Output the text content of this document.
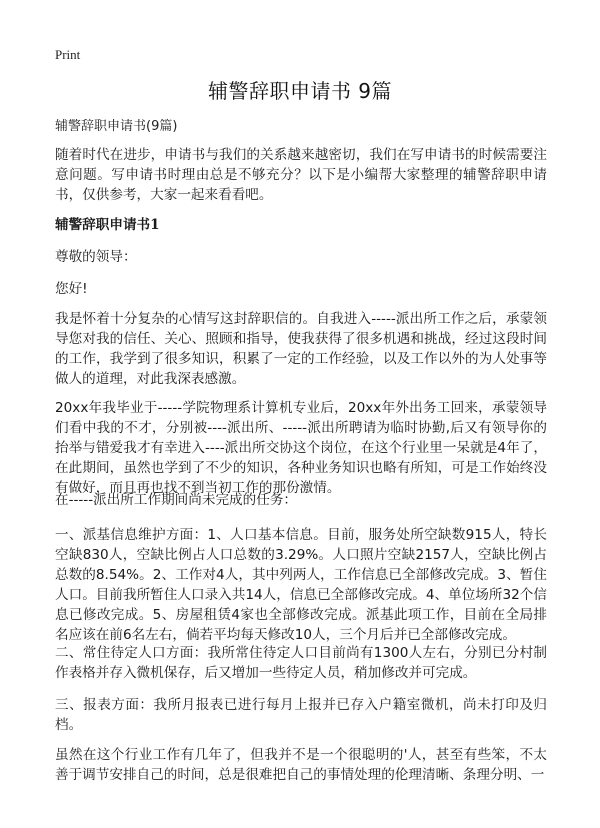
Print
辅警辞职申请书 9篇
辅警辞职申请书(9篇)

随着时代在进步，申请书与我们的关系越来越密切，我们在写申请书的时候需要注意问题。写申请书时理由总是不够充分？以下是小编帮大家整理的辅警辞职申请书，仅供参考，大家一起来看看吧。

辅警辞职申请书1
尊敬的领导：
您好!

我是怀着十分复杂的心情写这封辞职信的。自我进入-----派出所工作之后，承蒙领导您对我的信任、关心、照顾和指导，使我获得了很多机遇和挑战，经过这段时间的工作，我学到了很多知识，积累了一定的工作经验，以及工作以外的为人处事等做人的道理，对此我深表感激。

20xx年我毕业于-----学院物理系计算机专业后，20xx年外出务工回来，承蒙领导们看中我的不才，分别被----派出所、-----派出所聘请为临时协勤,后又有领导你的抬举与错爱我才有幸进入----派出所交协这个岗位，在这个行业里一呆就是4年了，在此期间，虽然也学到了不少的知识，各种业务知识也略有所知，可是工作始终没有做好，而且再也找不到当初工作的那份激情。

在-----派出所工作期间尚未完成的任务：

一、派基信息维护方面：1、人口基本信息。目前，服务处所空缺数915人，特长空缺830人，空缺比例占人口总数的3.29%。人口照片空缺2157人，空缺比例占总数的8.54%。2、工作对4人，其中列两人，工作信息已全部修改完成。3、暂住人口。目前我所暂住人口录入共14人，信息已全部修改完成。4、单位场所32个信息已修改完成。5、房屋租赁4家也全部修改完成。派基此项工作，目前在全局排名应该在前6名左右，倘若平均每天修改10人，三个月后并已全部修改完成。

二、常住待定人口方面：我所常住待定人口目前尚有1300人左右，分别已分村制作表格并存入微机保存，后又增加一些待定人员，稍加修改并可完成。

三、报表方面：我所月报表已进行每月上报并已存入户籍室微机，尚未打印及归档。

虽然在这个行业工作有几年了，但我并不是一个很聪明的'人，甚至有些笨，不太善于调节安排自己的时间，总是很难把自己的事情处理的伦理清晰、条理分明、一
